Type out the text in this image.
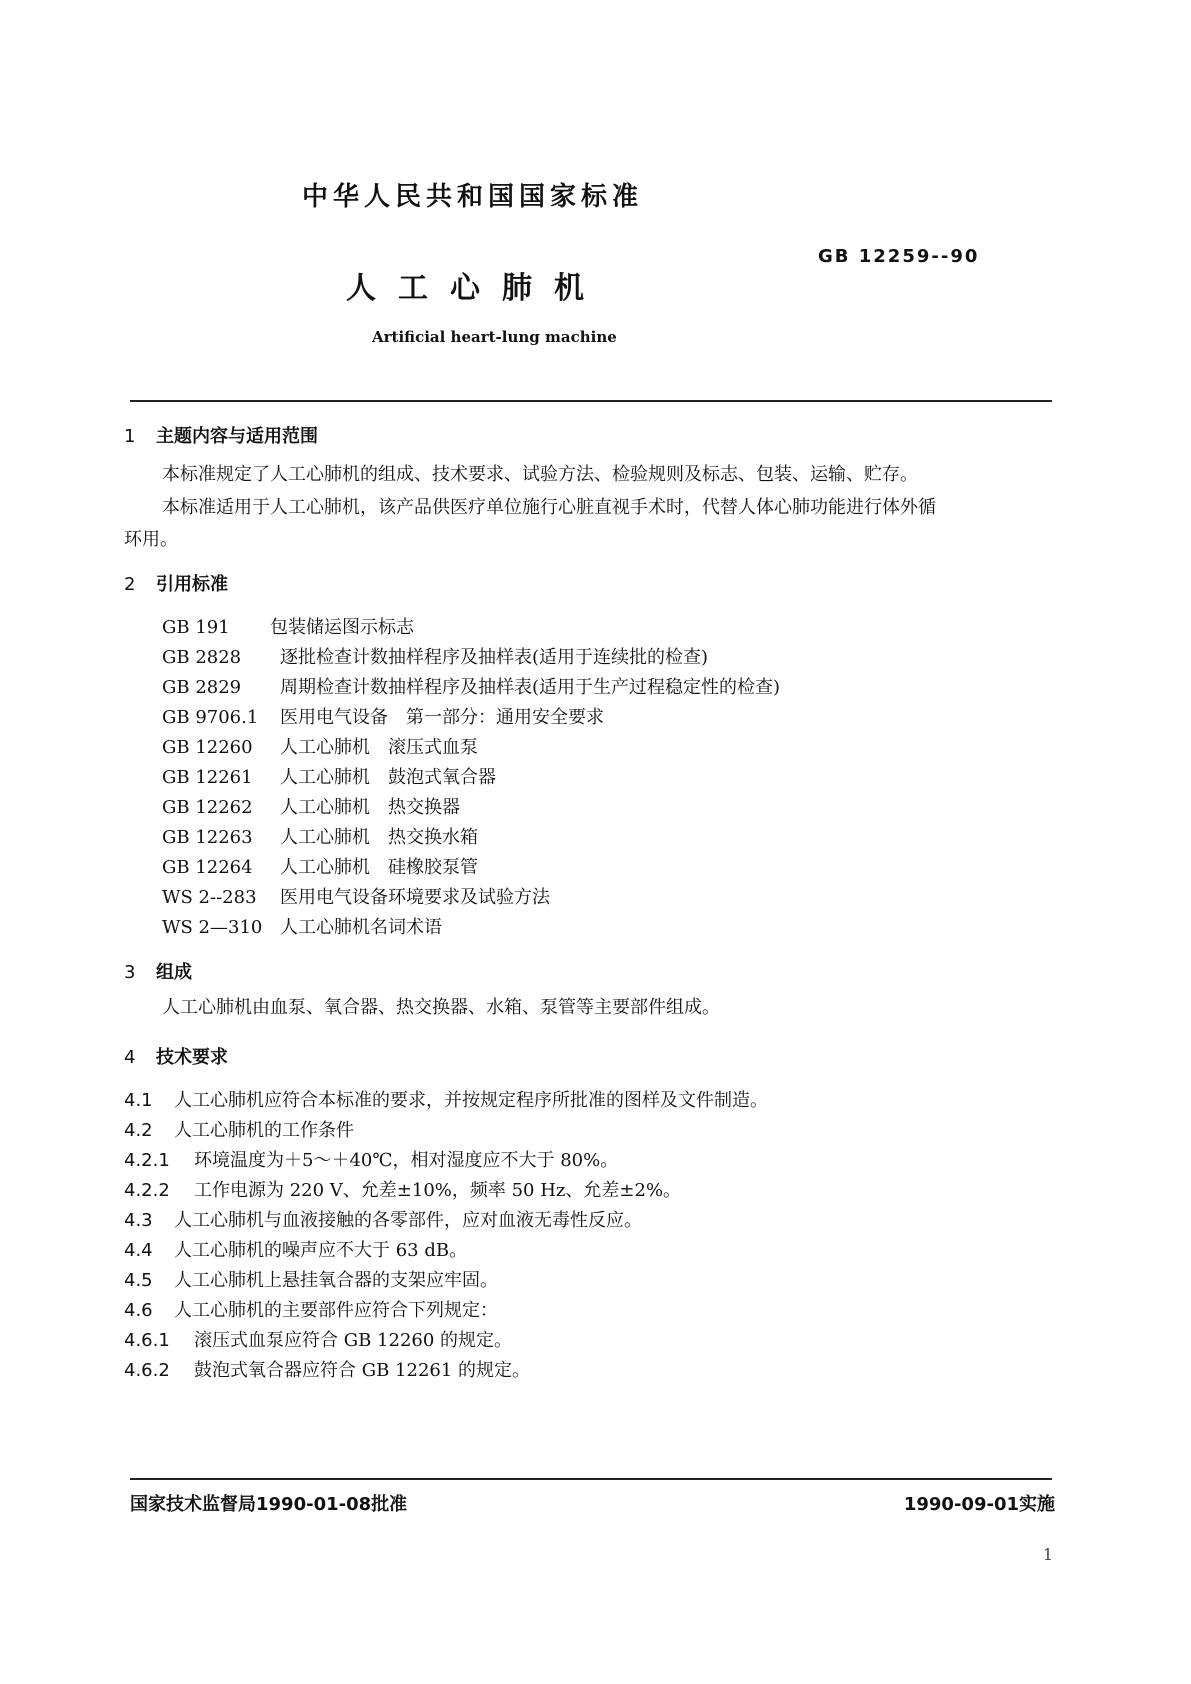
中华人民共和国国家标准
GB 12259--90
人工心肺机
Artificial heart-lung machine
1 主题内容与适用范围
本标准规定了人工心肺机的组成、技术要求、试验方法、检验规则及标志、包装、运输、贮存。
本标准适用于人工心肺机，该产品供医疗单位施行心脏直视手术时，代替人体心肺功能进行体外循
环用。
2 引用标准
GB 191 包装储运图示标志
GB 2828 逐批检查计数抽样程序及抽样表(适用于连续批的检查)
GB 2829 周期检查计数抽样程序及抽样表(适用于生产过程稳定性的检查)
GB 9706.1 医用电气设备　第一部分：通用安全要求
GB 12260 人工心肺机　滚压式血泵
GB 12261 人工心肺机　鼓泡式氧合器
GB 12262 人工心肺机　热交换器
GB 12263 人工心肺机　热交换水箱
GB 12264 人工心肺机　硅橡胶泵管
WS 2--283 医用电气设备环境要求及试验方法
WS 2—310 人工心肺机名词术语
3 组成
人工心肺机由血泵、氧合器、热交换器、水箱、泵管等主要部件组成。
4 技术要求
4.1 人工心肺机应符合本标准的要求，并按规定程序所批准的图样及文件制造。
4.2 人工心肺机的工作条件
4.2.1 环境温度为＋5～＋40℃，相对湿度应不大于 80%。
4.2.2 工作电源为 220 V、允差±10%，频率 50 Hz、允差±2%。
4.3 人工心肺机与血液接触的各零部件，应对血液无毒性反应。
4.4 人工心肺机的噪声应不大于 63 dB。
4.5 人工心肺机上悬挂氧合器的支架应牢固。
4.6 人工心肺机的主要部件应符合下列规定：
4.6.1 滚压式血泵应符合 GB 12260 的规定。
4.6.2 鼓泡式氧合器应符合 GB 12261 的规定。
国家技术监督局1990-01-08批准	1990-09-01实施
1
